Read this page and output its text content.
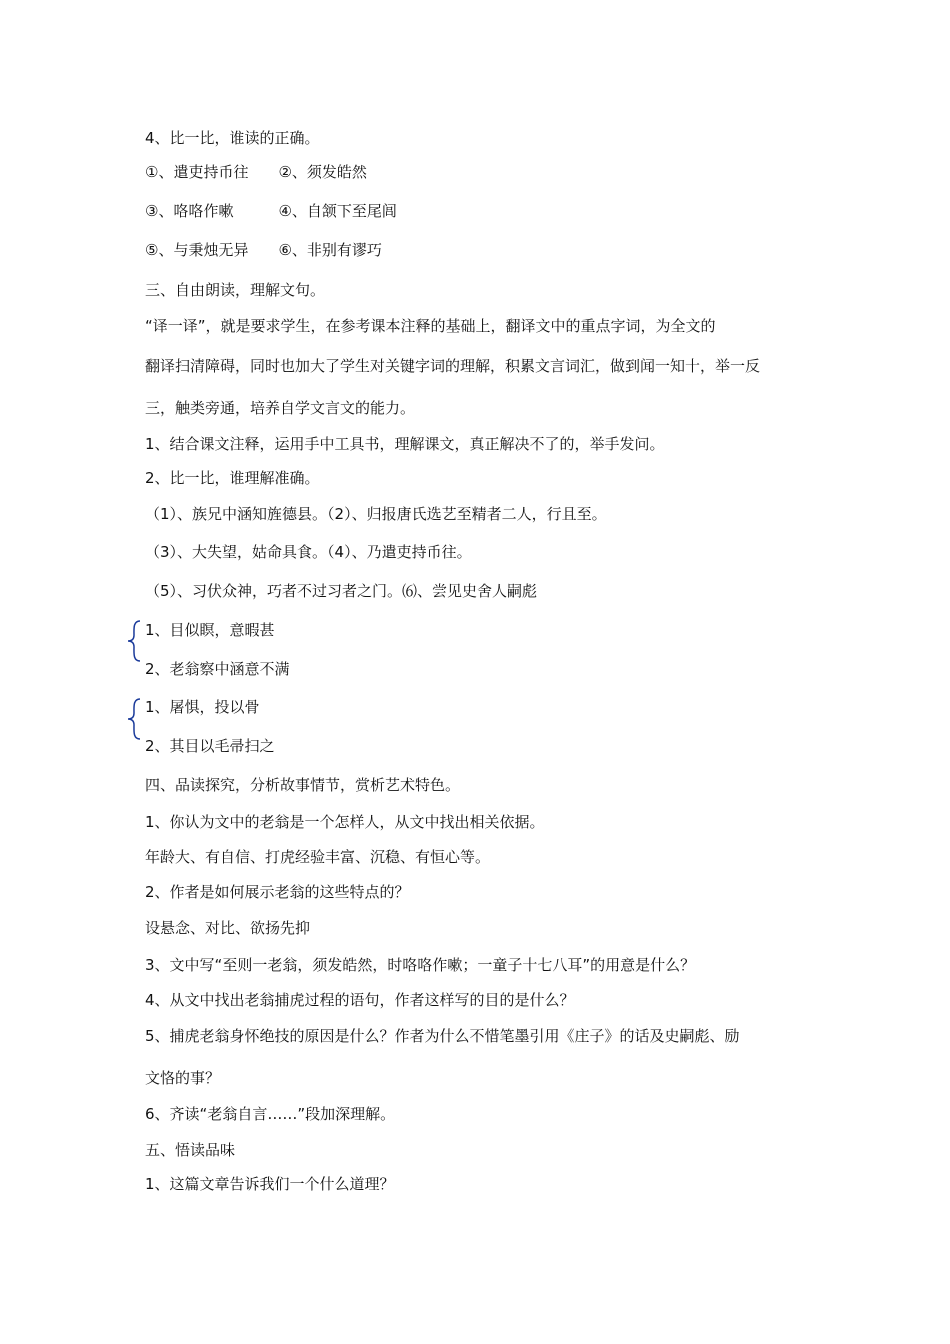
4、比一比，谁读的正确。
①、遣吏持币往　　②、须发皓然
③、咯咯作嗽　　　④、自颔下至尾闾
⑤、与秉烛无异　　⑥、非别有谬巧
三、自由朗读，理解文句。
“译一译”，就是要求学生，在参考课本注释的基础上，翻译文中的重点字词，为全文的
翻译扫清障碍，同时也加大了学生对关键字词的理解，积累文言词汇，做到闻一知十，举一反
三，触类旁通，培养自学文言文的能力。
1、结合课文注释，运用手中工具书，理解课文，真正解决不了的，举手发问。
2、比一比，谁理解准确。
（1）、族兄中涵知旌德县。（2）、归报唐氏选艺至精者二人，行且至。
（3）、大失望，姑命具食。（4）、乃遣吏持币往。
（5）、习伏众神，巧者不过习者之门。⑹、尝见史舍人嗣彪
1、目似瞑，意暇甚
2、老翁察中涵意不满
1、屠惧，投以骨
2、其目以毛帚扫之
四、品读探究，分析故事情节，赏析艺术特色。
1、你认为文中的老翁是一个怎样人，从文中找出相关依据。
年龄大、有自信、打虎经验丰富、沉稳、有恒心等。
2、作者是如何展示老翁的这些特点的？
设悬念、对比、欲扬先抑
3、文中写“至则一老翁，须发皓然，时咯咯作嗽；一童子十七八耳”的用意是什么？
4、从文中找出老翁捕虎过程的语句，作者这样写的目的是什么？
5、捕虎老翁身怀绝技的原因是什么？作者为什么不惜笔墨引用《庄子》的话及史嗣彪、励
文恪的事？
6、齐读“老翁自言……”段加深理解。
五、悟读品味
1、这篇文章告诉我们一个什么道理？
